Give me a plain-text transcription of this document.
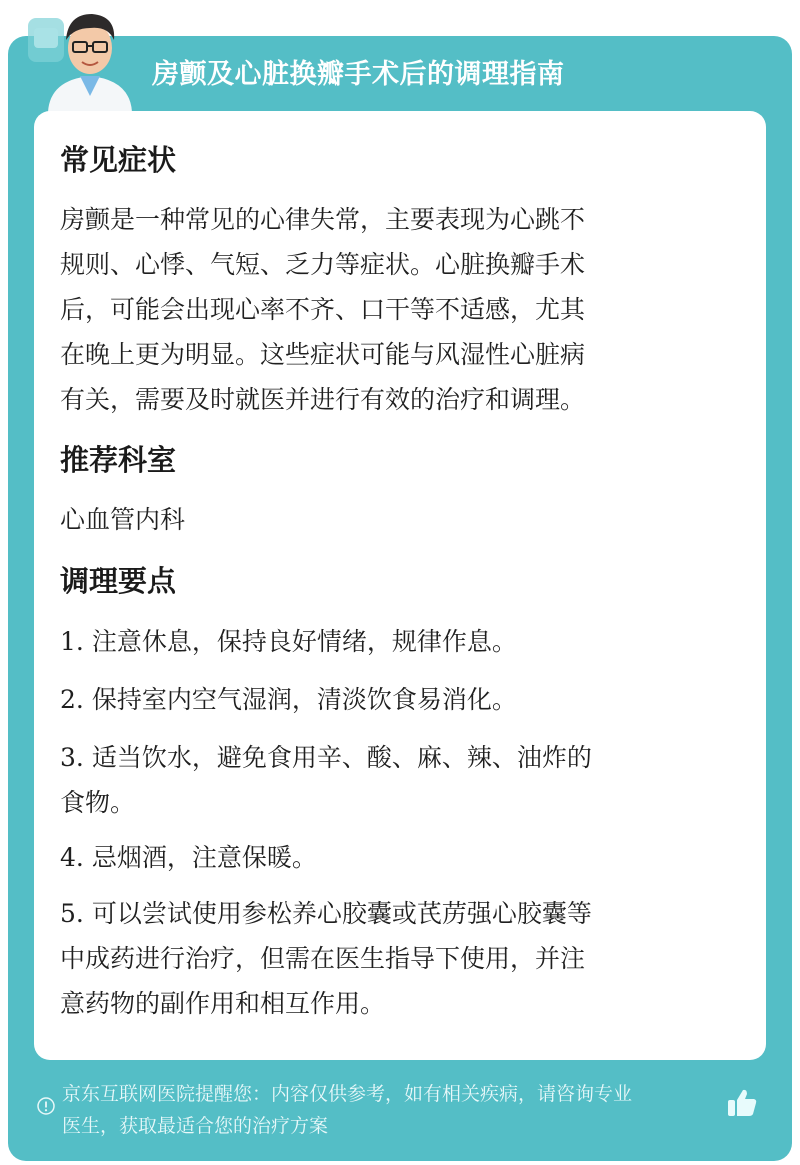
房颤及心脏换瓣手术后的调理指南
常见症状
房颤是一种常见的心律失常，主要表现为心跳不
规则、心悸、气短、乏力等症状。心脏换瓣手术
后，可能会出现心率不齐、口干等不适感，尤其
在晚上更为明显。这些症状可能与风湿性心脏病
有关，需要及时就医并进行有效的治疗和调理。
推荐科室
心血管内科
调理要点
1. 注意休息，保持良好情绪，规律作息。
2. 保持室内空气湿润，清淡饮食易消化。
3. 适当饮水，避免食用辛、酸、麻、辣、油炸的
食物。
4. 忌烟酒，注意保暖。
5. 可以尝试使用参松养心胶囊或芪苈强心胶囊等
中成药进行治疗，但需在医生指导下使用，并注
意药物的副作用和相互作用。
京东互联网医院提醒您：内容仅供参考，如有相关疾病，请咨询专业
医生，获取最适合您的治疗方案
